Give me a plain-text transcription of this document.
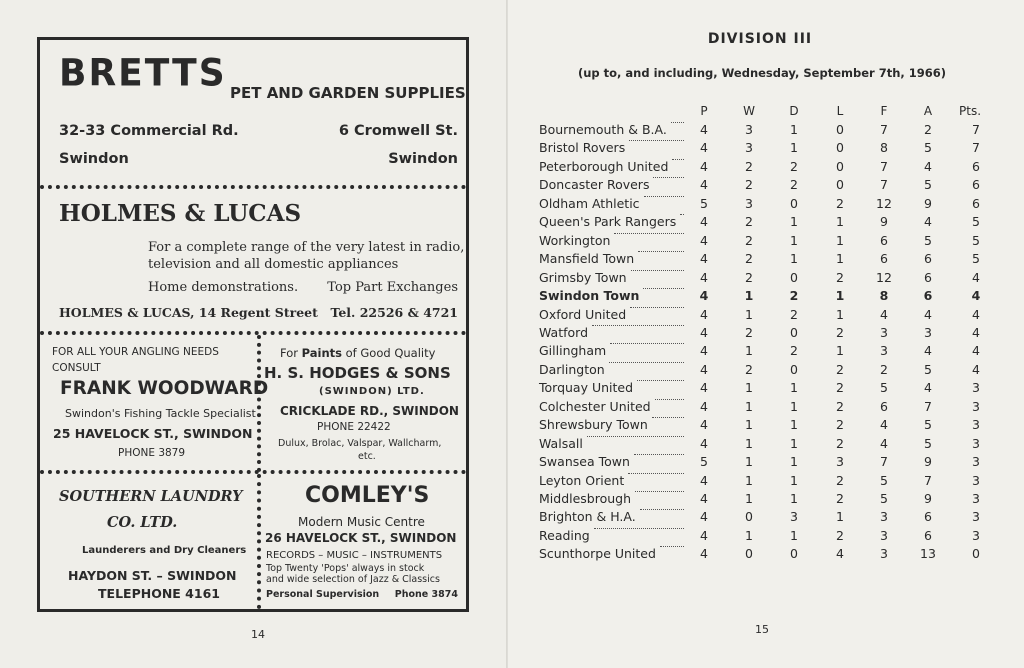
BRETTS PET AND GARDEN SUPPLIES
32-33 Commercial Rd.	6 Cromwell St.
Swindon	Swindon
HOLMES & LUCAS
For a complete range of the very latest in radio,
television and all domestic appliances
Home demonstrations. Top Part Exchanges
HOLMES & LUCAS, 14 Regent Street Tel. 22526 & 4721
FOR ALL YOUR ANGLING NEEDS
CONSULT
FRANK WOODWARD
Swindon's Fishing Tackle Specialist
25 HAVELOCK ST., SWINDON
PHONE 3879
For Paints of Good Quality
H. S. HODGES & SONS
(SWINDON) LTD.
CRICKLADE RD., SWINDON
PHONE 22422
Dulux, Brolac, Valspar, Wallcharm,
etc.
SOUTHERN LAUNDRY
CO. LTD.
Launderers and Dry Cleaners
HAYDON ST. – SWINDON
TELEPHONE 4161
COMLEY'S
Modern Music Centre
26 HAVELOCK ST., SWINDON
RECORDS – MUSIC – INSTRUMENTS
Top Twenty 'Pops' always in stock
and wide selection of Jazz & Classics
Personal Supervision Phone 3874
14
DIVISION III
(up to, and including, Wednesday, September 7th, 1966)
P	W	D	L	F	A	Pts.
Bournemouth & B.A.	4	3	1	0	7	2	7
Bristol Rovers	4	3	1	0	8	5	7
Peterborough United	4	2	2	0	7	4	6
Doncaster Rovers	4	2	2	0	7	5	6
Oldham Athletic	5	3	0	2	12	9	6
Queen's Park Rangers	4	2	1	1	9	4	5
Workington	4	2	1	1	6	5	5
Mansfield Town	4	2	1	1	6	6	5
Grimsby Town	4	2	0	2	12	6	4
Swindon Town	4	1	2	1	8	6	4
Oxford United	4	1	2	1	4	4	4
Watford	4	2	0	2	3	3	4
Gillingham	4	1	2	1	3	4	4
Darlington	4	2	0	2	2	5	4
Torquay United	4	1	1	2	5	4	3
Colchester United	4	1	1	2	6	7	3
Shrewsbury Town	4	1	1	2	4	5	3
Walsall	4	1	1	2	4	5	3
Swansea Town	5	1	1	3	7	9	3
Leyton Orient	4	1	1	2	5	7	3
Middlesbrough	4	1	1	2	5	9	3
Brighton & H.A.	4	0	3	1	3	6	3
Reading	4	1	1	2	3	6	3
Scunthorpe United	4	0	0	4	3	13	0
15
